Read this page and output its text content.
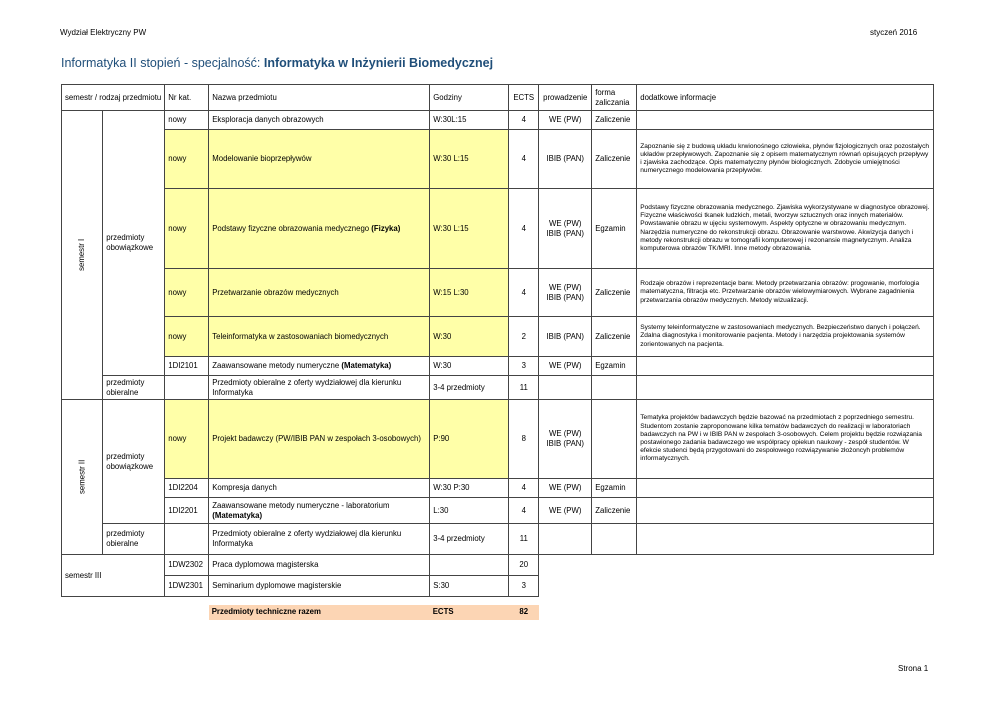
Wydział Elektryczny PW	styczeń 2016
Informatyka II stopień - specjalność: Informatyka w Inżynierii Biomedycznej
semestr / rodzaj przedmiotu		Nr kat.	Nazwa przedmiotu	Godziny	ECTS	prowadzenie	forma zaliczania	dodatkowe informacje
semestr I	przedmioty obowiązkowe	nowy	Eksploracja danych obrazowych	W:30L:15	4	WE (PW)	Zaliczenie	
		nowy	Modelowanie bioprzepływów	W:30 L:15	4	IBIB (PAN)	Zaliczenie	Zapoznanie się z budową układu krwionośnego człowieka, płynów fizjologicznych oraz pozostałych układów przepływowych. Zapoznanie się z opisem matematycznym równań opisujących przepływy i zjawiska zachodzące. Opis matematyczny płynów biologicznych. Zdobycie umiejętności numerycznego modelowania przepływów.
		nowy	Podstawy fizyczne obrazowania medycznego (Fizyka)	W:30 L:15	4	WE (PW) IBIB (PAN)	Egzamin	Podstawy fizyczne obrazowania medycznego. Zjawiska wykorzystywane w diagnostyce obrazowej. Fizyczne właściwości tkanek ludzkich, metali, tworzyw sztucznych oraz innych materiałów. Powstawanie obrazu w ujęciu systemowym. Aspekty optyczne w obrazowaniu medycznym. Narzędzia numeryczne do rekonstrukcji obrazu. Obrazowanie warstwowe. Akwizycja danych i metody rekonstrukcji obrazu w tomografii komputerowej i rezonansie magnetycznym. Analiza komputerowa obrazów TK/MRI. Inne metody obrazowania.
		nowy	Przetwarzanie obrazów medycznych	W:15 L:30	4	WE (PW) IBIB (PAN)	Zaliczenie	Rodzaje obrazów i reprezentacje barw. Metody przetwarzania obrazów: progowanie, morfologia matematyczna, filtracja etc. Przetwarzanie obrazów wielowymiarowych. Wybrane zagadnienia przetwarzania obrazów medycznych. Metody wizualizacji.
		nowy	Teleinformatyka w zastosowaniach biomedycznych	W:30	2	IBIB (PAN)	Zaliczenie	Systemy teleinformatyczne w zastosowaniach medycznych. Bezpieczeństwo danych i połączeń. Zdalna diagnostyka i monitorowanie pacjenta. Metody i narzędzia projektowania systemów zorientowanych na pacjenta.
		1DI2101	Zaawansowane metody numeryczne (Matematyka)	W:30	3	WE (PW)	Egzamin	
	przedmioty obieralne		Przedmioty obieralne z oferty wydziałowej dla kierunku Informatyka	3-4 przedmioty	11			
semestr II	przedmioty obowiązkowe	nowy	Projekt badawczy (PW/IBIB PAN w zespołach 3-osobowych)	P:90	8	WE (PW) IBIB (PAN)		Tematyka projektów badawczych będzie bazować na przedmiotach z poprzedniego semestru. Studentom zostanie zaproponowane kilka tematów badawczych do realizacji w laboratoriach badawczych na PW i w IBIB PAN w zespołach 3-osobowych. Celem projektu będzie rozwiązania postawionego zadania badawczego we współpracy opiekun naukowy - zespół studentów. W efekcie studenci będą przygotowani do zespołowego rozwiązywanie złożoncyh problemów informatycznych.
		1DI2204	Kompresja danych	W:30 P:30	4	WE (PW)	Egzamin	
		1DI2201	Zaawansowane metody numeryczne - laboratorium (Matematyka)	L:30	4	WE (PW)	Zaliczenie	
	przedmioty obieralne		Przedmioty obieralne z oferty wydziałowej dla kierunku Informatyka	3-4 przedmioty	11			
semestr III		1DW2302	Praca dyplomowa magisterska		20			
		1DW2301	Seminarium dyplomowe magisterskie	S:30	3			

			Przedmioty techniczne razem	ECTS	82			
Strona 1
